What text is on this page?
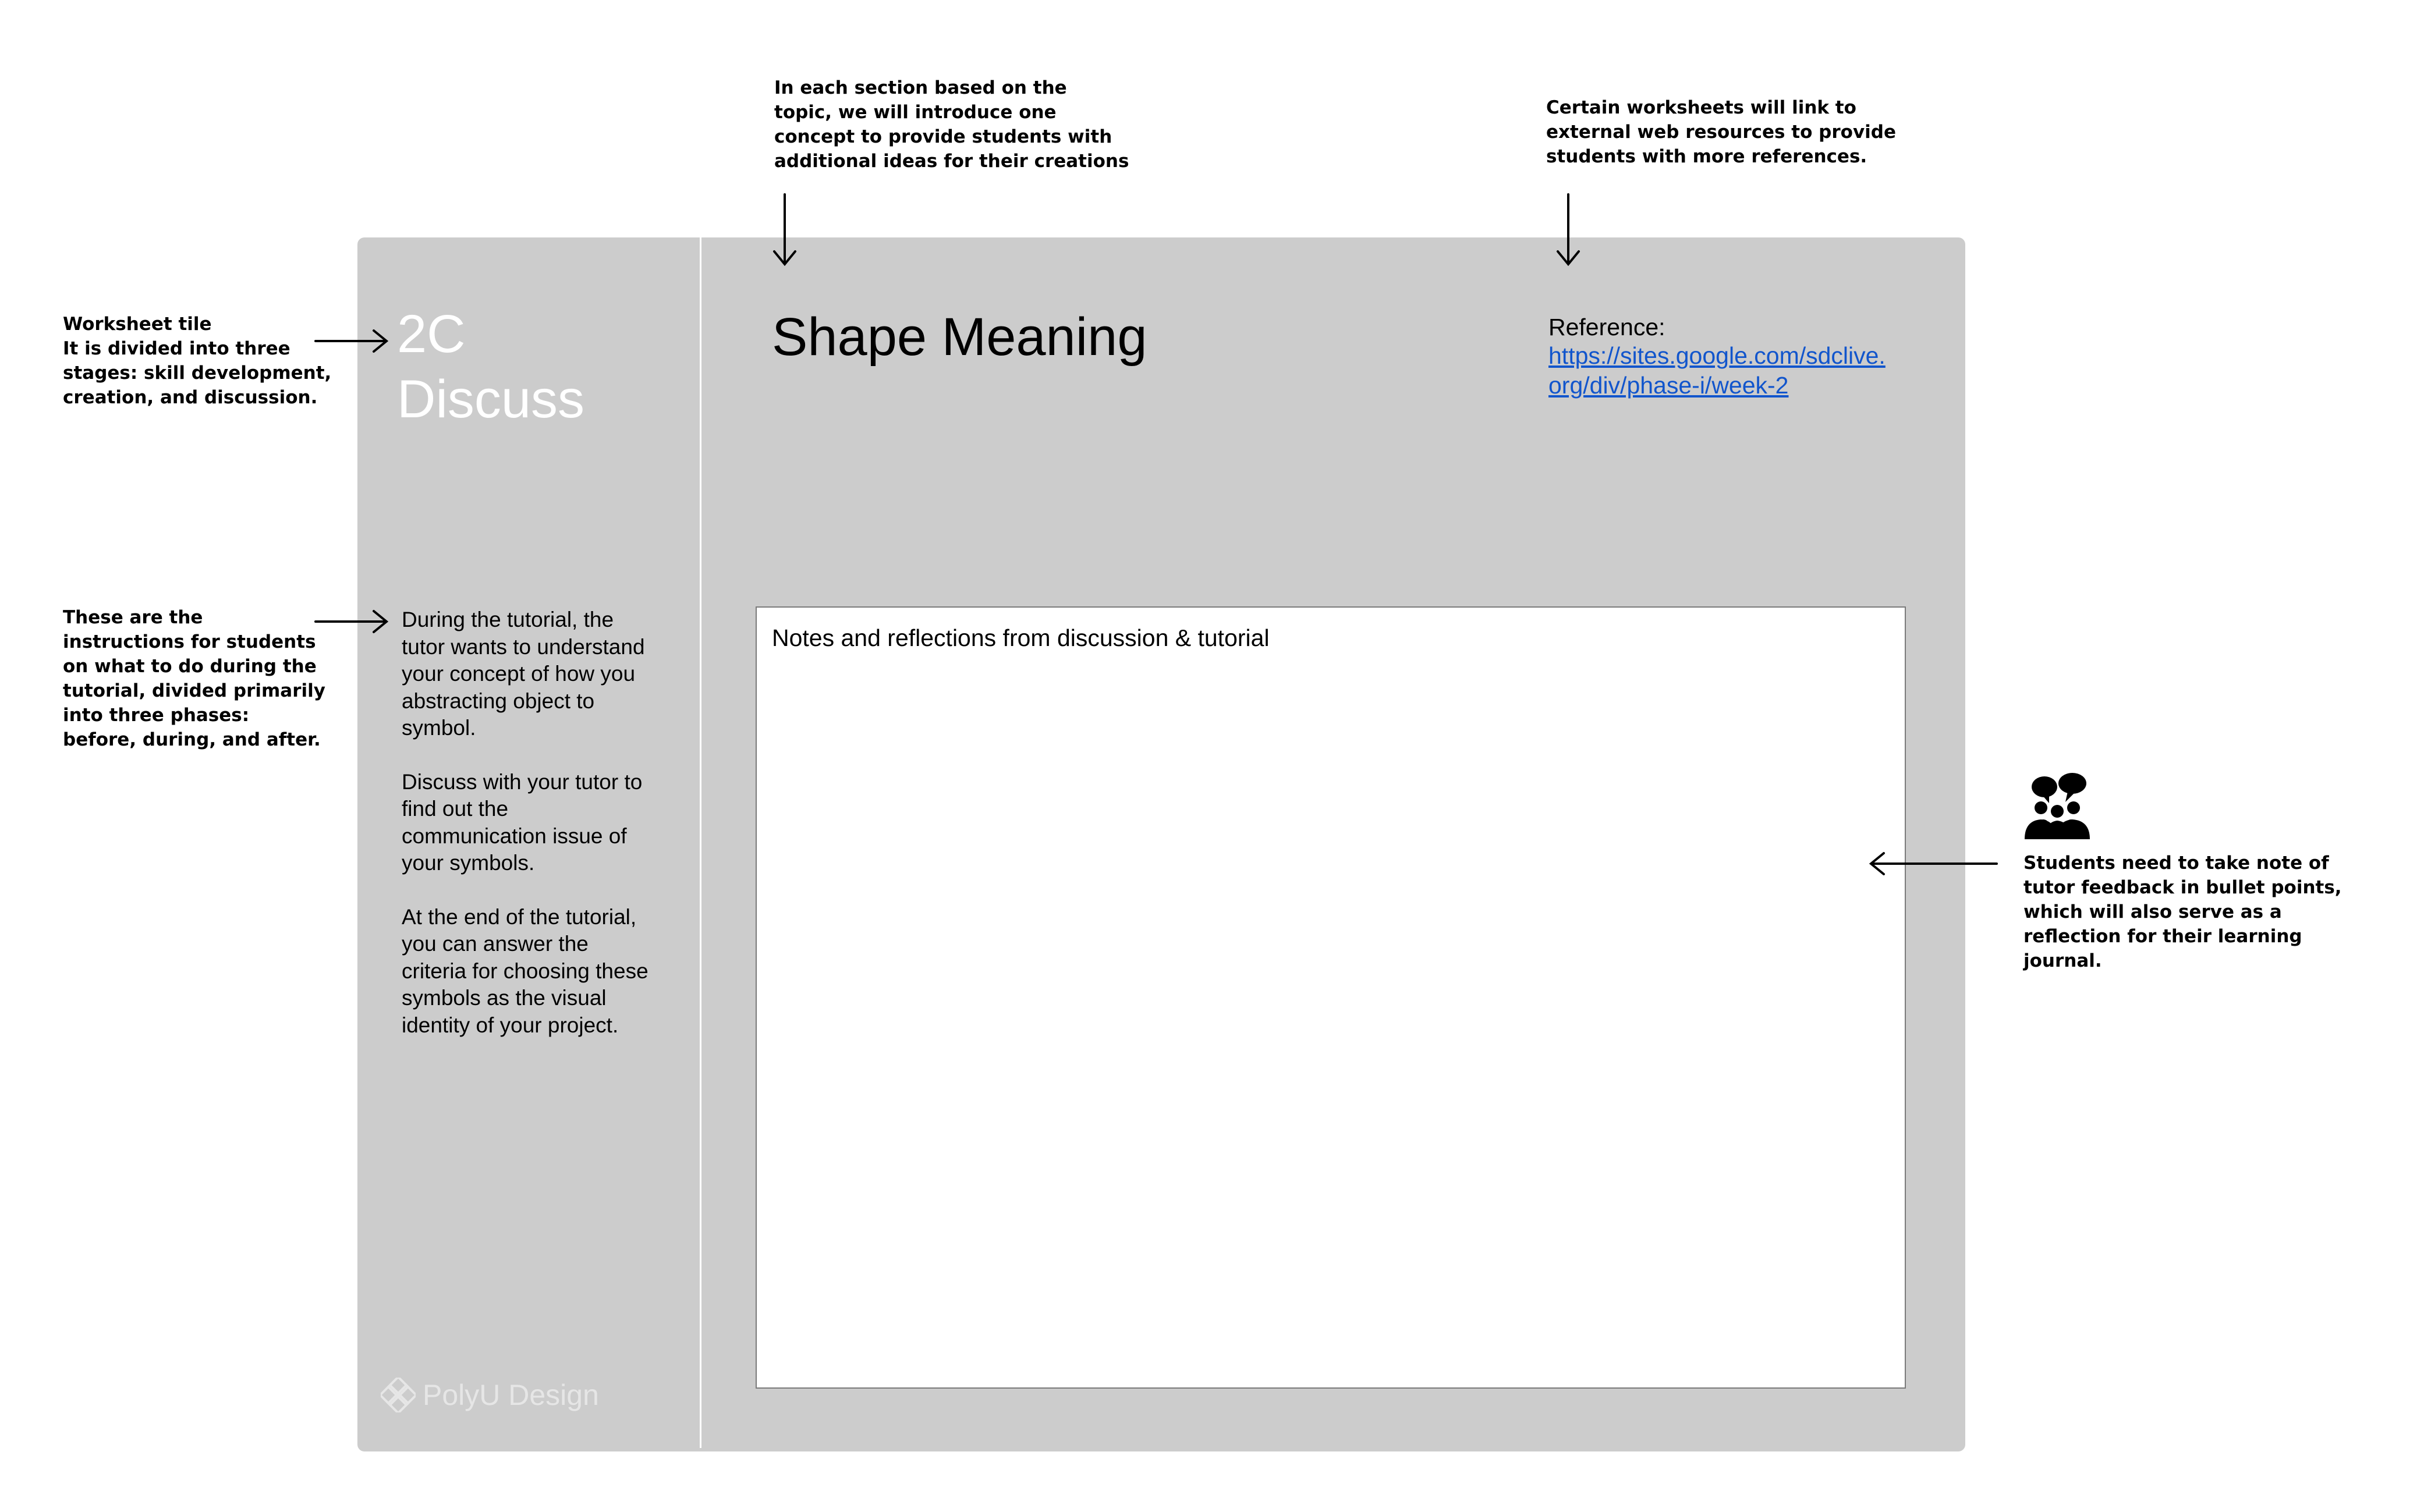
In each section based on the
topic, we will introduce one
concept to provide students with
additional ideas for their creations
Certain worksheets will link to
external web resources to provide
students with more references.
Worksheet tile
It is divided into three
stages: skill development,
creation, and discussion.
These are the
instructions for students
on what to do during the
tutorial, divided primarily
into three phases:
before, during, and after.
Students need to take note of
tutor feedback in bullet points,
which will also serve as a
reflection for their learning
journal.
2C
Discuss

During the tutorial, the tutor wants to understand your concept of how you abstracting object to symbol.

Discuss with your tutor to find out the communication issue of your symbols.

At the end of the tutorial, you can answer the criteria for choosing these symbols as the visual identity of your project.

Shape Meaning	Reference:
https://sites.google.com/sdclive.
org/div/phase-i/week-2
Notes and reflections from discussion & tutorial
PolyU Design
